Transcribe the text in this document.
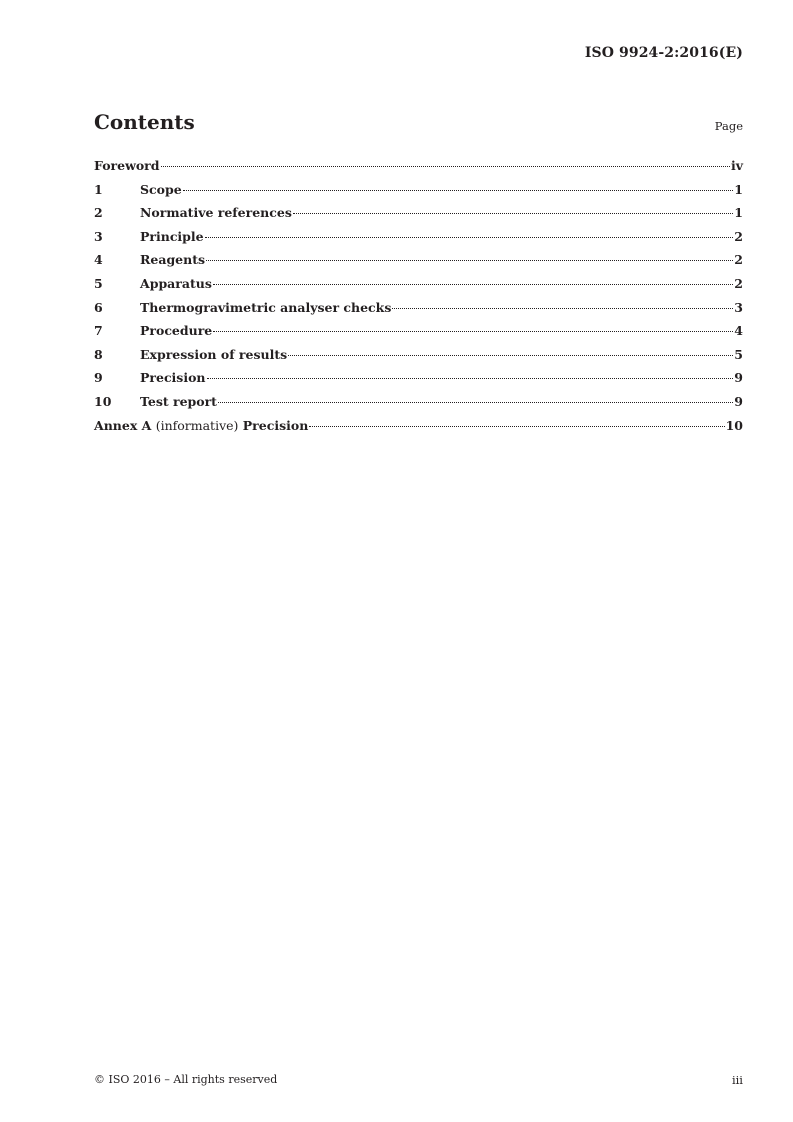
ISO 9924-2:2016(E)
Contents	Page
Foreword	iv
1	Scope	1
2	Normative references	1
3	Principle	2
4	Reagents	2
5	Apparatus	2
6	Thermogravimetric analyser checks	3
7	Procedure	4
8	Expression of results	5
9	Precision	9
10	Test report	9
Annex A (informative) Precision	10
© ISO 2016 – All rights reserved	iii
